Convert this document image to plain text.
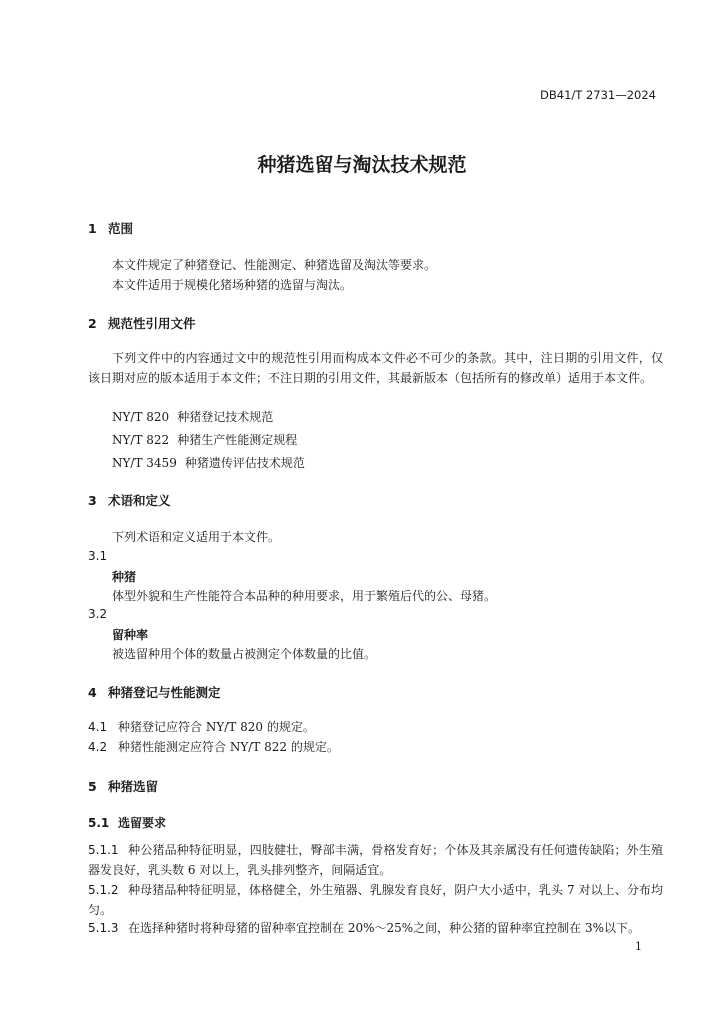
DB41/T 2731—2024
种猪选留与淘汰技术规范
1 范围
本文件规定了种猪登记、性能测定、种猪选留及淘汰等要求。
本文件适用于规模化猪场种猪的选留与淘汰。
2 规范性引用文件
下列文件中的内容通过文中的规范性引用而构成本文件必不可少的条款。其中，注日期的引用文件，仅该日期对应的版本适用于本文件；不注日期的引用文件，其最新版本（包括所有的修改单）适用于本文件。
NY/T 820 种猪登记技术规范
NY/T 822 种猪生产性能测定规程
NY/T 3459 种猪遗传评估技术规范
3 术语和定义
下列术语和定义适用于本文件。
3.1
种猪
体型外貌和生产性能符合本品种的种用要求，用于繁殖后代的公、母猪。
3.2
留种率
被选留种用个体的数量占被测定个体数量的比值。
4 种猪登记与性能测定
4.1 种猪登记应符合 NY/T 820 的规定。
4.2 种猪性能测定应符合 NY/T 822 的规定。
5 种猪选留
5.1 选留要求
5.1.1 种公猪品种特征明显，四肢健壮，臀部丰满，骨格发育好；个体及其亲属没有任何遗传缺陷；外生殖器发良好，乳头数 6 对以上，乳头排列整齐，间隔适宜。
5.1.2 种母猪品种特征明显，体格健全，外生殖器、乳腺发育良好，阴户大小适中，乳头 7 对以上、分布均匀。
5.1.3 在选择种猪时将种母猪的留种率宜控制在 20%～25%之间，种公猪的留种率宜控制在 3%以下。
1
